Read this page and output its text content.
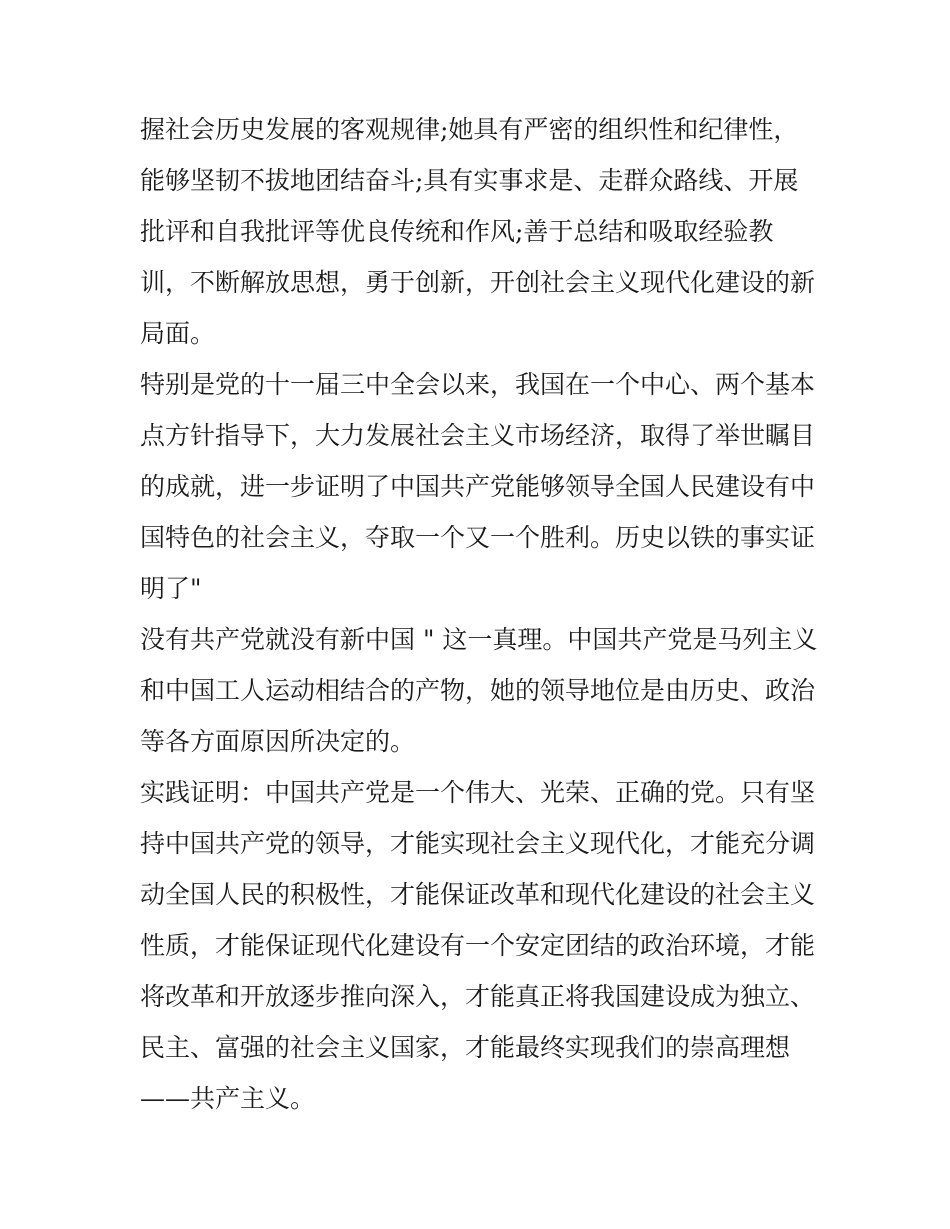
握社会历史发展的客观规律;她具有严密的组织性和纪律性，
能够坚韧不拔地团结奋斗;具有实事求是、走群众路线、开展
批评和自我批评等优良传统和作风;善于总结和吸取经验教
训，不断解放思想，勇于创新，开创社会主义现代化建设的新
局面。
特别是党的十一届三中全会以来，我国在一个中心、两个基本
点方针指导下，大力发展社会主义市场经济，取得了举世瞩目
的成就，进一步证明了中国共产党能够领导全国人民建设有中
国特色的社会主义，夺取一个又一个胜利。历史以铁的事实证
明了"
没有共产党就没有新中国 " 这一真理。中国共产党是马列主义
和中国工人运动相结合的产物，她的领导地位是由历史、政治
等各方面原因所决定的。
实践证明：中国共产党是一个伟大、光荣、正确的党。只有坚
持中国共产党的领导，才能实现社会主义现代化，才能充分调
动全国人民的积极性，才能保证改革和现代化建设的社会主义
性质，才能保证现代化建设有一个安定团结的政治环境，才能
将改革和开放逐步推向深入，才能真正将我国建设成为独立、
民主、富强的社会主义国家，才能最终实现我们的崇高理想
——共产主义。
